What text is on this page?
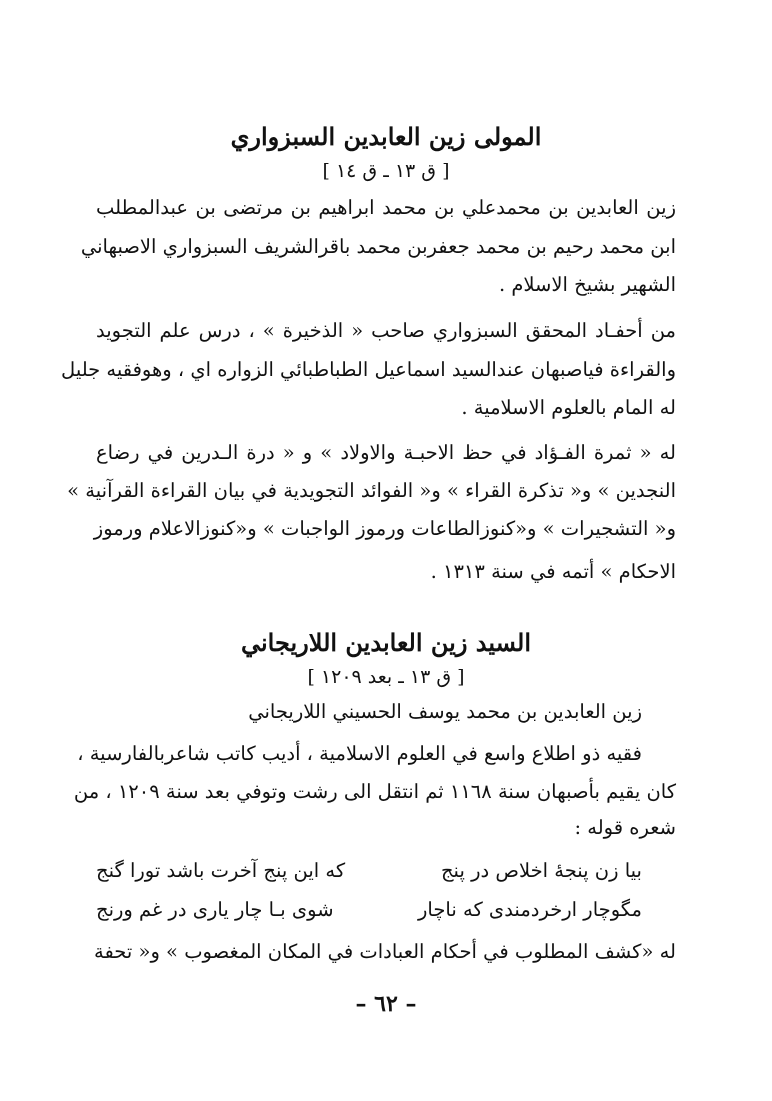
المولى زين العابدين السبزواري
[ ق ١٣ ـ ق ١٤ ]
زين العابدين بن محمدعلي بن محمد ابراهيم بن مرتضى بن عبدالمطلب
ابن محمد رحيم بن محمد جعفربن محمد باقرالشريف السبزواري الاصبهاني
الشهير بشيخ الاسلام .
من أحفـاد المحقق السبزواري صاحب « الذخيرة » ، درس علم التجويد
والقراءة فياصبهان عندالسيد اسماعيل الطباطبائي الزواره اي ، وهوفقيه جليل
له المام بالعلوم الاسلامية .
له « ثمرة الفـؤاد في حظ الاحبـة والاولاد » و « درة الـدرين في رضاع
النجدين » و« تذكرة القراء » و« الفوائد التجويدية في بيان القراءة القرآنية »
و« التشجيرات » و«كنوزالطاعات ورموز الواجبات » و«كنوزالاعلام ورموز
الاحكام » أتمه في سنة ١٣١٣ .
السيد زين العابدين اللاريجاني
[ ق ١٣ ـ بعد ١٢٠٩ ]
زين العابدين بن محمد يوسف الحسيني اللاريجاني
فقيه ذو اطلاع واسع في العلوم الاسلامية ، أديب كاتب شاعربالفارسية ،
كان يقيم بأصبهان سنة ١١٦٨ ثم انتقل الى رشت وتوفي بعد سنة ١٢٠٩ ، من
شعره قوله :
بيا زن پنجهٔ اخلاص در پنج
كه اين پنج آخرت باشد تورا گنج
مگوچار ارخردمندی كه ناچار
شوی بـا چار ياری در غم ورنج
له «كشف المطلوب في أحكام العبادات في المكان المغصوب » و« تحفة
– ٦٢ –
